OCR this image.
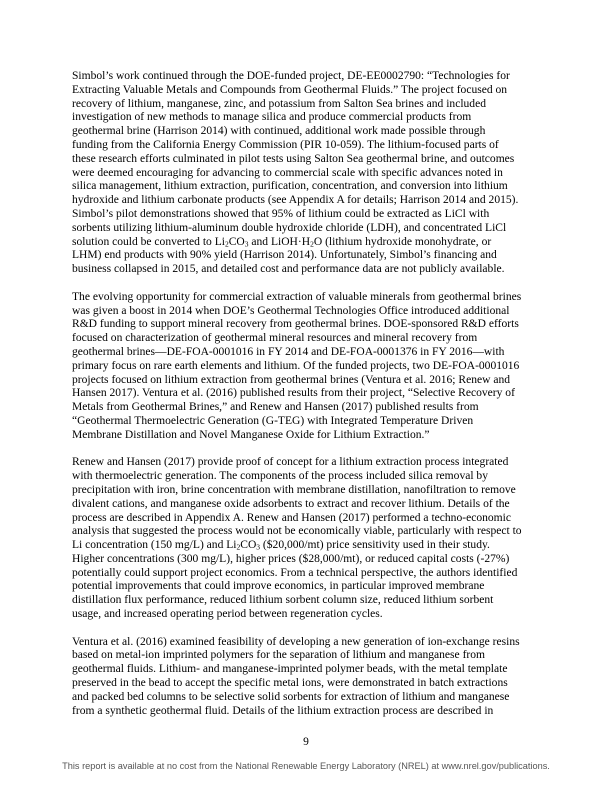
Simbol’s work continued through the DOE-funded project, DE-EE0002790: “Technologies for
Extracting Valuable Metals and Compounds from Geothermal Fluids.” The project focused on
recovery of lithium, manganese, zinc, and potassium from Salton Sea brines and included
investigation of new methods to manage silica and produce commercial products from
geothermal brine (Harrison 2014) with continued, additional work made possible through
funding from the California Energy Commission (PIR 10-059). The lithium-focused parts of
these research efforts culminated in pilot tests using Salton Sea geothermal brine, and outcomes
were deemed encouraging for advancing to commercial scale with specific advances noted in
silica management, lithium extraction, purification, concentration, and conversion into lithium
hydroxide and lithium carbonate products (see Appendix A for details; Harrison 2014 and 2015).
Simbol’s pilot demonstrations showed that 95% of lithium could be extracted as LiCl with
sorbents utilizing lithium-aluminum double hydroxide chloride (LDH), and concentrated LiCl
solution could be converted to $Li_2CO_3$ and $LiOH\cdot H_2O$ (lithium hydroxide monohydrate, or
LHM) end products with 90% yield (Harrison 2014). Unfortunately, Simbol’s financing and
business collapsed in 2015, and detailed cost and performance data are not publicly available.

The evolving opportunity for commercial extraction of valuable minerals from geothermal brines
was given a boost in 2014 when DOE’s Geothermal Technologies Office introduced additional
R&D funding to support mineral recovery from geothermal brines. DOE-sponsored R&D efforts
focused on characterization of geothermal mineral resources and mineral recovery from
geothermal brines—DE-FOA-0001016 in FY 2014 and DE-FOA-0001376 in FY 2016—with
primary focus on rare earth elements and lithium. Of the funded projects, two DE-FOA-0001016
projects focused on lithium extraction from geothermal brines (Ventura et al. 2016; Renew and
Hansen 2017). Ventura et al. (2016) published results from their project, “Selective Recovery of
Metals from Geothermal Brines,” and Renew and Hansen (2017) published results from
“Geothermal Thermoelectric Generation (G-TEG) with Integrated Temperature Driven
Membrane Distillation and Novel Manganese Oxide for Lithium Extraction.”

Renew and Hansen (2017) provide proof of concept for a lithium extraction process integrated
with thermoelectric generation. The components of the process included silica removal by
precipitation with iron, brine concentration with membrane distillation, nanofiltration to remove
divalent cations, and manganese oxide adsorbents to extract and recover lithium. Details of the
process are described in Appendix A. Renew and Hansen (2017) performed a techno-economic
analysis that suggested the process would not be economically viable, particularly with respect to
Li concentration (150 mg/L) and $Li_2CO_3$ ($20,000/mt) price sensitivity used in their study.
Higher concentrations (300 mg/L), higher prices ($28,000/mt), or reduced capital costs (-27%)
potentially could support project economics. From a technical perspective, the authors identified
potential improvements that could improve economics, in particular improved membrane
distillation flux performance, reduced lithium sorbent column size, reduced lithium sorbent
usage, and increased operating period between regeneration cycles.

Ventura et al. (2016) examined feasibility of developing a new generation of ion-exchange resins
based on metal-ion imprinted polymers for the separation of lithium and manganese from
geothermal fluids. Lithium- and manganese-imprinted polymer beads, with the metal template
preserved in the bead to accept the specific metal ions, were demonstrated in batch extractions
and packed bed columns to be selective solid sorbents for extraction of lithium and manganese
from a synthetic geothermal fluid. Details of the lithium extraction process are described in

9
This report is available at no cost from the National Renewable Energy Laboratory (NREL) at www.nrel.gov/publications.
